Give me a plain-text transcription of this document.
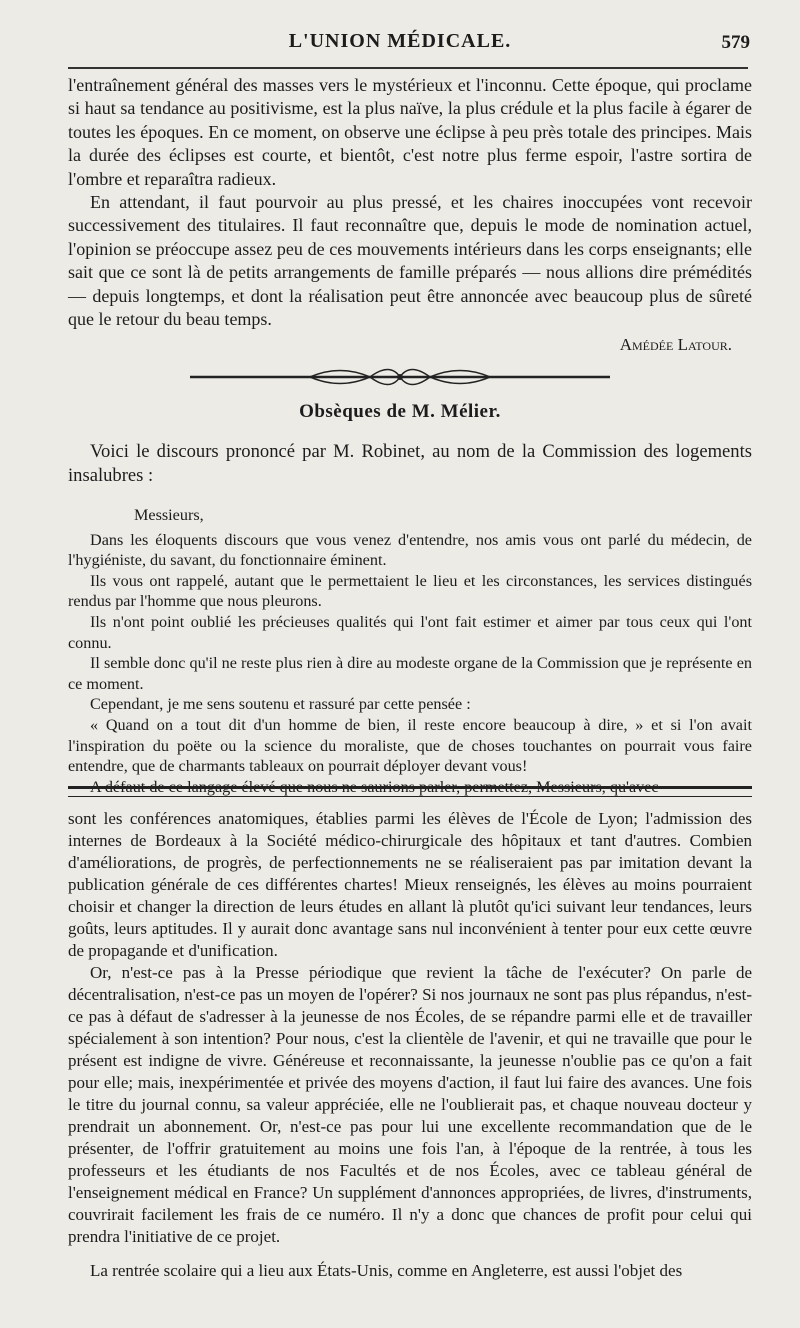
L'UNION MÉDICALE.	579

l'entraînement général des masses vers le mystérieux et l'inconnu. Cette époque, qui proclame si haut sa tendance au positivisme, est la plus naïve, la plus crédule et la plus facile à égarer de toutes les époques. En ce moment, on observe une éclipse à peu près totale des principes. Mais la durée des éclipses est courte, et bientôt, c'est notre plus ferme espoir, l'astre sortira de l'ombre et reparaîtra radieux.

En attendant, il faut pourvoir au plus pressé, et les chaires inoccupées vont recevoir successivement des titulaires. Il faut reconnaître que, depuis le mode de nomination actuel, l'opinion se préoccupe assez peu de ces mouvements intérieurs dans les corps enseignants; elle sait que ce sont là de petits arrangements de famille préparés — nous allions dire prémédités — depuis longtemps, et dont la réalisation peut être annoncée avec beaucoup plus de sûreté que le retour du beau temps.

Amédée Latour.

Obsèques de M. Mélier.

Voici le discours prononcé par M. Robinet, au nom de la Commission des logements insalubres :

Messieurs,

Dans les éloquents discours que vous venez d'entendre, nos amis vous ont parlé du médecin, de l'hygiéniste, du savant, du fonctionnaire éminent.

Ils vous ont rappelé, autant que le permettaient le lieu et les circonstances, les services distingués rendus par l'homme que nous pleurons.

Ils n'ont point oublié les précieuses qualités qui l'ont fait estimer et aimer par tous ceux qui l'ont connu.

Il semble donc qu'il ne reste plus rien à dire au modeste organe de la Commission que je représente en ce moment.

Cependant, je me sens soutenu et rassuré par cette pensée :

« Quand on a tout dit d'un homme de bien, il reste encore beaucoup à dire, » et si l'on avait l'inspiration du poëte ou la science du moraliste, que de choses touchantes on pourrait vous faire entendre, que de charmants tableaux on pourrait déployer devant vous!

A défaut de ce langage élevé que nous ne saurions parler, permettez, Messieurs, qu'avec

sont les conférences anatomiques, établies parmi les élèves de l'École de Lyon; l'admission des internes de Bordeaux à la Société médico-chirurgicale des hôpitaux et tant d'autres. Combien d'améliorations, de progrès, de perfectionnements ne se réaliseraient pas par imitation devant la publication générale de ces différentes chartes! Mieux renseignés, les élèves au moins pourraient choisir et changer la direction de leurs études en allant là plutôt qu'ici suivant leur tendances, leurs goûts, leurs aptitudes. Il y aurait donc avantage sans nul inconvénient à tenter pour eux cette œuvre de propagande et d'unification.

Or, n'est-ce pas à la Presse périodique que revient la tâche de l'exécuter? On parle de décentralisation, n'est-ce pas un moyen de l'opérer? Si nos journaux ne sont pas plus répandus, n'est-ce pas à défaut de s'adresser à la jeunesse de nos Écoles, de se répandre parmi elle et de travailler spécialement à son intention? Pour nous, c'est la clientèle de l'avenir, et qui ne travaille que pour le présent est indigne de vivre. Généreuse et reconnaissante, la jeunesse n'oublie pas ce qu'on a fait pour elle; mais, inexpérimentée et privée des moyens d'action, il faut lui faire des avances. Une fois le titre du journal connu, sa valeur appréciée, elle ne l'oublierait pas, et chaque nouveau docteur y prendrait un abonnement. Or, n'est-ce pas pour lui une excellente recommandation que de le présenter, de l'offrir gratuitement au moins une fois l'an, à l'époque de la rentrée, à tous les professeurs et les étudiants de nos Facultés et de nos Écoles, avec ce tableau général de l'enseignement médical en France? Un supplément d'annonces appropriées, de livres, d'instruments, couvrirait facilement les frais de ce numéro. Il n'y a donc que chances de profit pour celui qui prendra l'initiative de ce projet.

La rentrée scolaire qui a lieu aux États-Unis, comme en Angleterre, est aussi l'objet des
